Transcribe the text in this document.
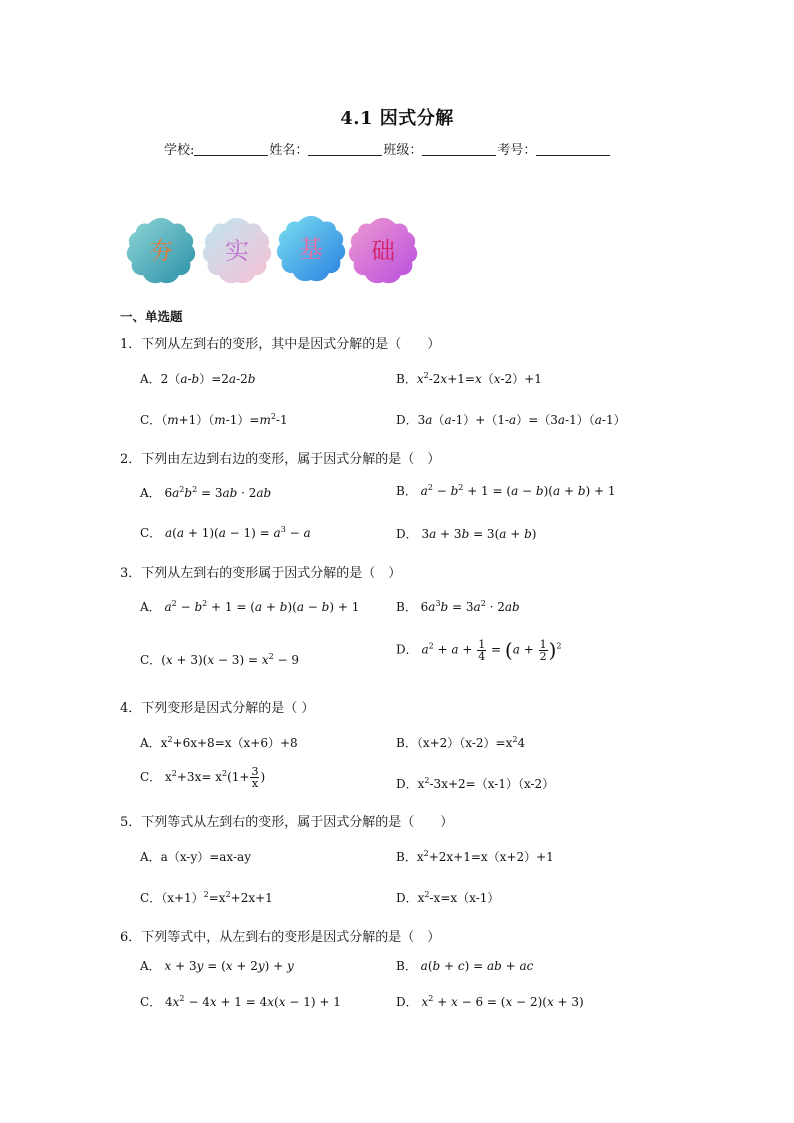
4.1 因式分解
学校:	姓名：	班级：	考号：
夯	实	基	础
一、单选题
1．下列从左到右的变形，其中是因式分解的是（　　）
A．2（a-b）=2a-2b	B．$x^2-2x+1=x(x-2)+1$
C．$(m+1)(m-1)=m^2-1$	D．3a（a-1）+（1-a）=（3a-1）（a-1）
2．下列由左边到右边的变形，属于因式分解的是（　）
A． $6a^2b^2 = 3ab \cdot 2ab$	B． $a^2 - b^2 + 1 = (a - b)(a + b) + 1$
C． $a(a + 1)(a - 1) = a^3 - a$	D． 3a + 3b = 3(a + b)
3．下列从左到右的变形属于因式分解的是（　）
A． $a^2 - b^2 + 1 = (a + b)(a - b) + 1$	B． $6a^3b = 3a^2 \cdot 2ab$
C．$(x + 3)(x - 3) = x^2 - 9$
D． $a^2 + a + \frac{1}{4} = (a + \frac{1}{2} )^2$
4．下列变形是因式分解的是（ ）
A．$x^2+6x+8=x(x+6)+8$	B．$(x+2)(x-2)=x^24$
C． $x^2+3x= x^2(1+ \frac{3}{x}$ )	D．$x^2-3x+2=(x-1)(x-2)$
5．下列等式从左到右的变形，属于因式分解的是（　　）
A．a（x-y）=ax-ay	B．$x^2+2x+1=x(x+2)+1$
C．$(x+1)^2=x^2+2x+1$	D．$x^2-x=x(x-1)$
6．下列等式中，从左到右的变形是因式分解的是（　）
A． x + 3y = (x + 2y) + y	B． a(b + c) = ab + ac
C． $4x^2 - 4x + 1 = 4x(x - 1) + 1$	D． $x^2 + x - 6 = (x - 2)(x + 3)$
